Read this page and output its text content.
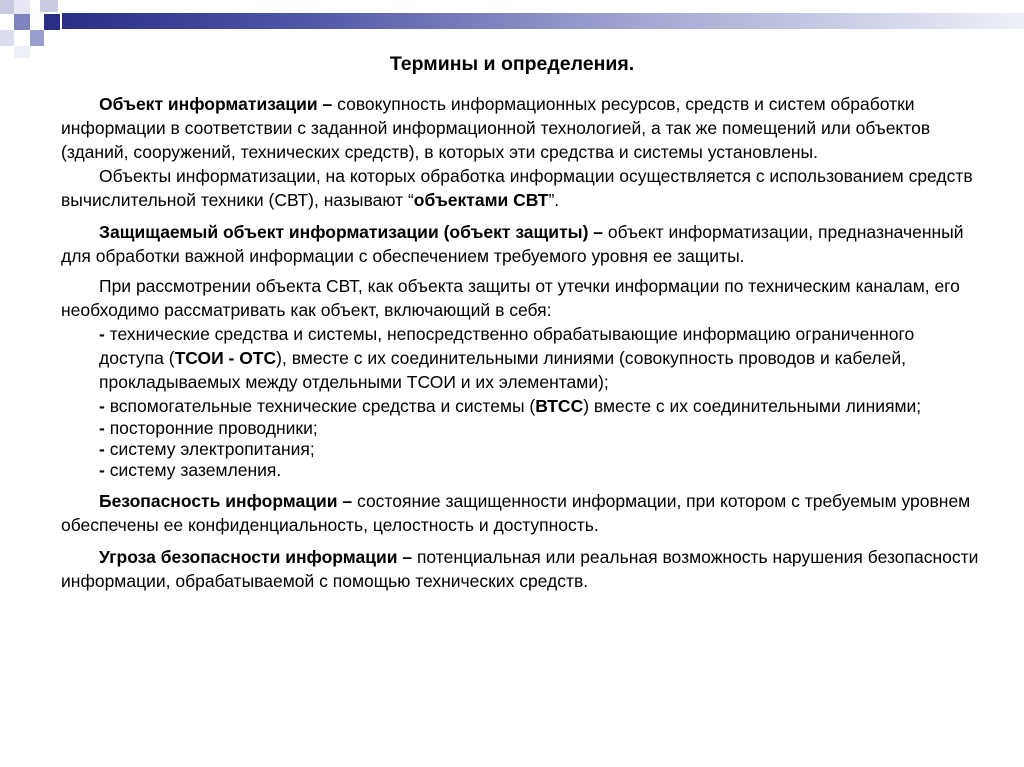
Термины и определения.

Объект информатизации – совокупность информационных ресурсов, средств и систем обработки информации в соответствии с заданной информационной технологией, а так же помещений или объектов (зданий, сооружений, технических средств), в которых эти средства и системы установлены.

Объекты информатизации, на которых обработка информации осуществляется с использованием средств вычислительной техники (СВТ), называют “объектами СВТ”.

Защищаемый объект информатизации (объект защиты) – объект информатизации, предназначенный для обработки важной информации с обеспечением требуемого уровня ее защиты.

При рассмотрении объекта СВТ, как объекта защиты от утечки информации по техническим каналам, его необходимо рассматривать как объект, включающий в себя:

- технические средства и системы, непосредственно обрабатывающие информацию ограниченного доступа (ТСОИ - ОТС), вместе с их соединительными линиями (совокупность проводов и кабелей, прокладываемых между отдельными ТСОИ и их элементами);

- вспомогательные технические средства и системы (ВТСС) вместе с их соединительными линиями;

- посторонние проводники;

- систему электропитания;

- систему заземления.

Безопасность информации – состояние защищенности информации, при котором с требуемым уровнем обеспечены ее конфиденциальность, целостность и доступность.

Угроза безопасности информации – потенциальная или реальная возможность нарушения безопасности информации, обрабатываемой с помощью технических средств.
